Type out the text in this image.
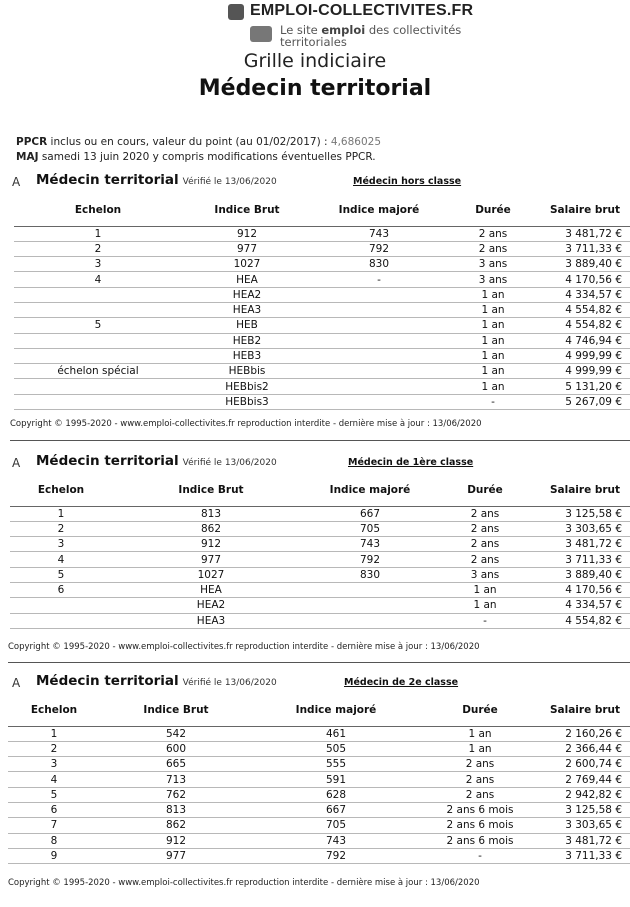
EMPLOI-COLLECTIVITES.FR
Le site emploi des collectivités territoriales
Grille indiciaire
Médecin territorial
PPCR inclus ou en cours, valeur du point (au 01/02/2017) : 4,686025
MAJ samedi 13 juin 2020 y compris modifications éventuelles PPCR.
A Médecin territorial Vérifié le 13/06/2020	Médecin hors classe
Echelon	Indice Brut	Indice majoré	Durée	Salaire brut
1	912	743	2 ans	3 481,72 €
2	977	792	2 ans	3 711,33 €
3	1027	830	3 ans	3 889,40 €
4	HEA	-	3 ans	4 170,56 €
	HEA2		1 an	4 334,57 €
	HEA3		1 an	4 554,82 €
5	HEB		1 an	4 554,82 €
	HEB2		1 an	4 746,94 €
	HEB3		1 an	4 999,99 €
échelon spécial	HEBbis		1 an	4 999,99 €
	HEBbis2		1 an	5 131,20 €
	HEBbis3		-	5 267,09 €
Copyright © 1995-2020 - www.emploi-collectivites.fr reproduction interdite - dernière mise à jour : 13/06/2020
A Médecin territorial Vérifié le 13/06/2020	Médecin de 1ère classe
Echelon	Indice Brut	Indice majoré	Durée	Salaire brut
1	813	667	2 ans	3 125,58 €
2	862	705	2 ans	3 303,65 €
3	912	743	2 ans	3 481,72 €
4	977	792	2 ans	3 711,33 €
5	1027	830	3 ans	3 889,40 €
6	HEA		1 an	4 170,56 €
	HEA2		1 an	4 334,57 €
	HEA3		-	4 554,82 €
Copyright © 1995-2020 - www.emploi-collectivites.fr reproduction interdite - dernière mise à jour : 13/06/2020
A Médecin territorial Vérifié le 13/06/2020	Médecin de 2e classe
Echelon	Indice Brut	Indice majoré	Durée	Salaire brut
1	542	461	1 an	2 160,26 €
2	600	505	1 an	2 366,44 €
3	665	555	2 ans	2 600,74 €
4	713	591	2 ans	2 769,44 €
5	762	628	2 ans	2 942,82 €
6	813	667	2 ans 6 mois	3 125,58 €
7	862	705	2 ans 6 mois	3 303,65 €
8	912	743	2 ans 6 mois	3 481,72 €
9	977	792	-	3 711,33 €
Copyright © 1995-2020 - www.emploi-collectivites.fr reproduction interdite - dernière mise à jour : 13/06/2020
